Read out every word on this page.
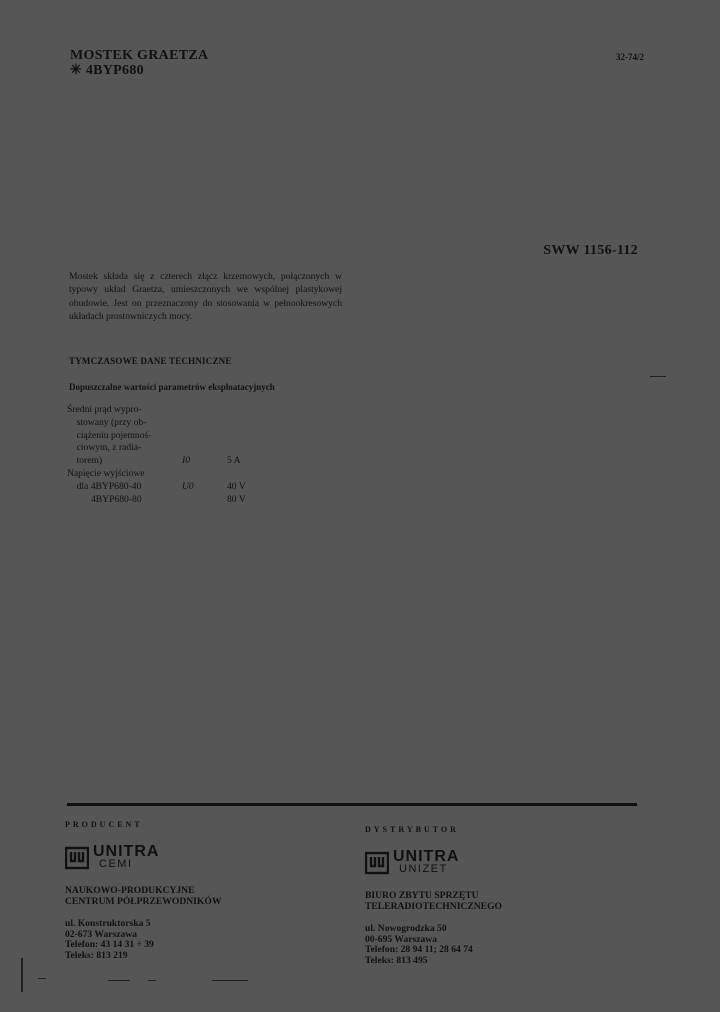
MOSTEK GRAETZA
✳ 4BYP680
32-74/2
SWW 1156-112
Mostek składa się z czterech złącz krzemowych, połączonych w typowy układ Graetza, umieszczonych we wspólnej plastykowej obudowie. Jest on przeznaczony do stosowania w pełnookresowych układach prostowniczych mocy.
TYMCZASOWE DANE TECHNICZNE
Dopuszczalne wartości parametrów eksploatacyjnych
Średni prąd wypro-
stowany (przy ob-
ciążeniu pojemnoś-
ciowym, z radia-
torem)	I0	5 A
Napięcie wyjściowe
dla 4BYP680-40	U0	40 V
4BYP680-80	80 V
PRODUCENT
UNITRA
CEMI
NAUKOWO-PRODUKCYJNE
CENTRUM PÓŁPRZEWODNIKÓW
ul. Konstruktorska 5
02-673 Warszawa
Telefon: 43 14 31 ÷ 39
Teleks: 813 219
DYSTRYBUTOR
UNITRA
UNIZET
BIURO ZBYTU SPRZĘTU
TELERADIOTECHNICZNEGO
ul. Nowogrodzka 50
00-695 Warszawa
Telefon: 28 94 11; 28 64 74
Teleks: 813 495
